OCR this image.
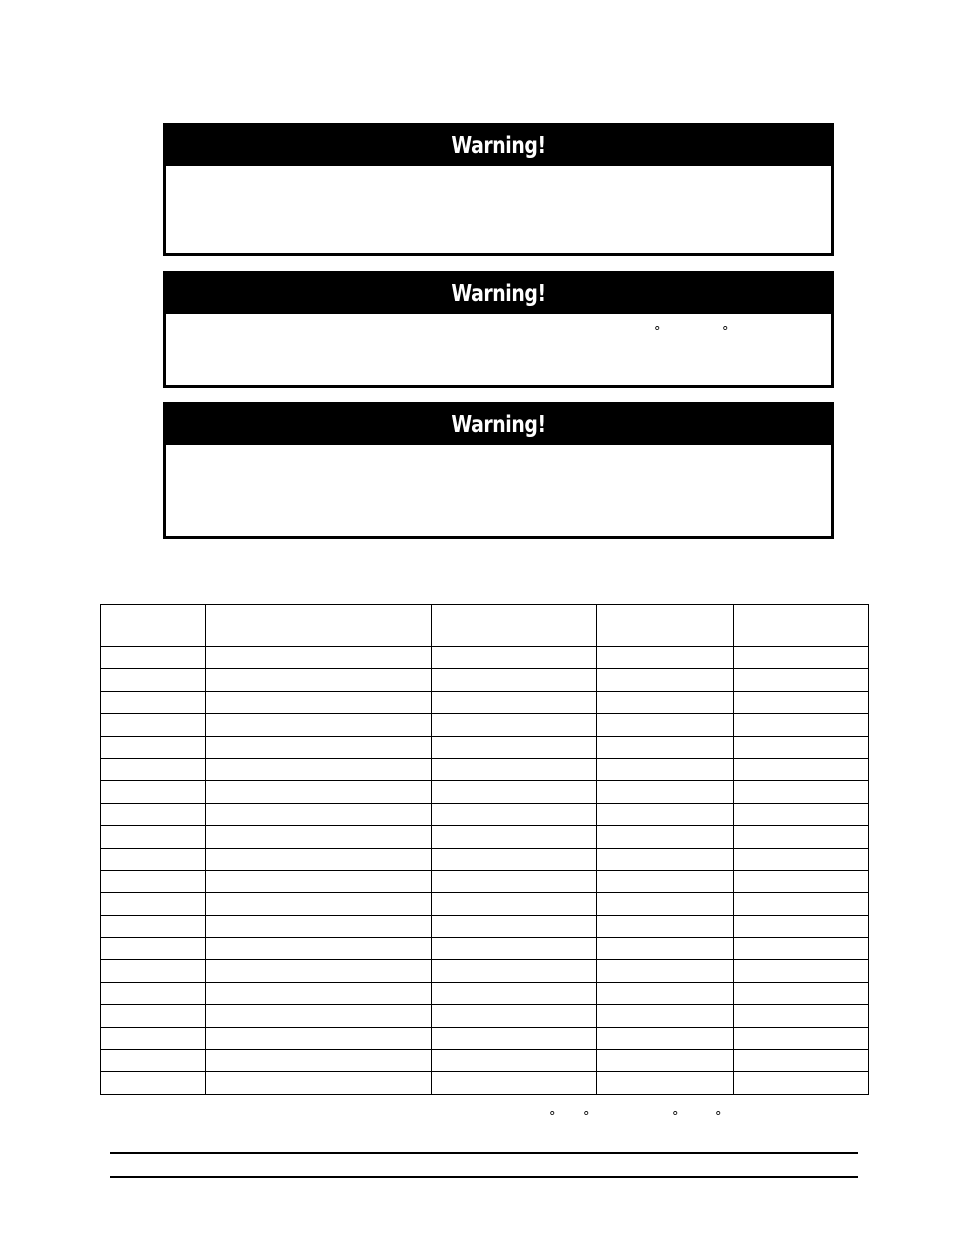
Warning!
Warning!
°	°
Warning!

° °	°	°
